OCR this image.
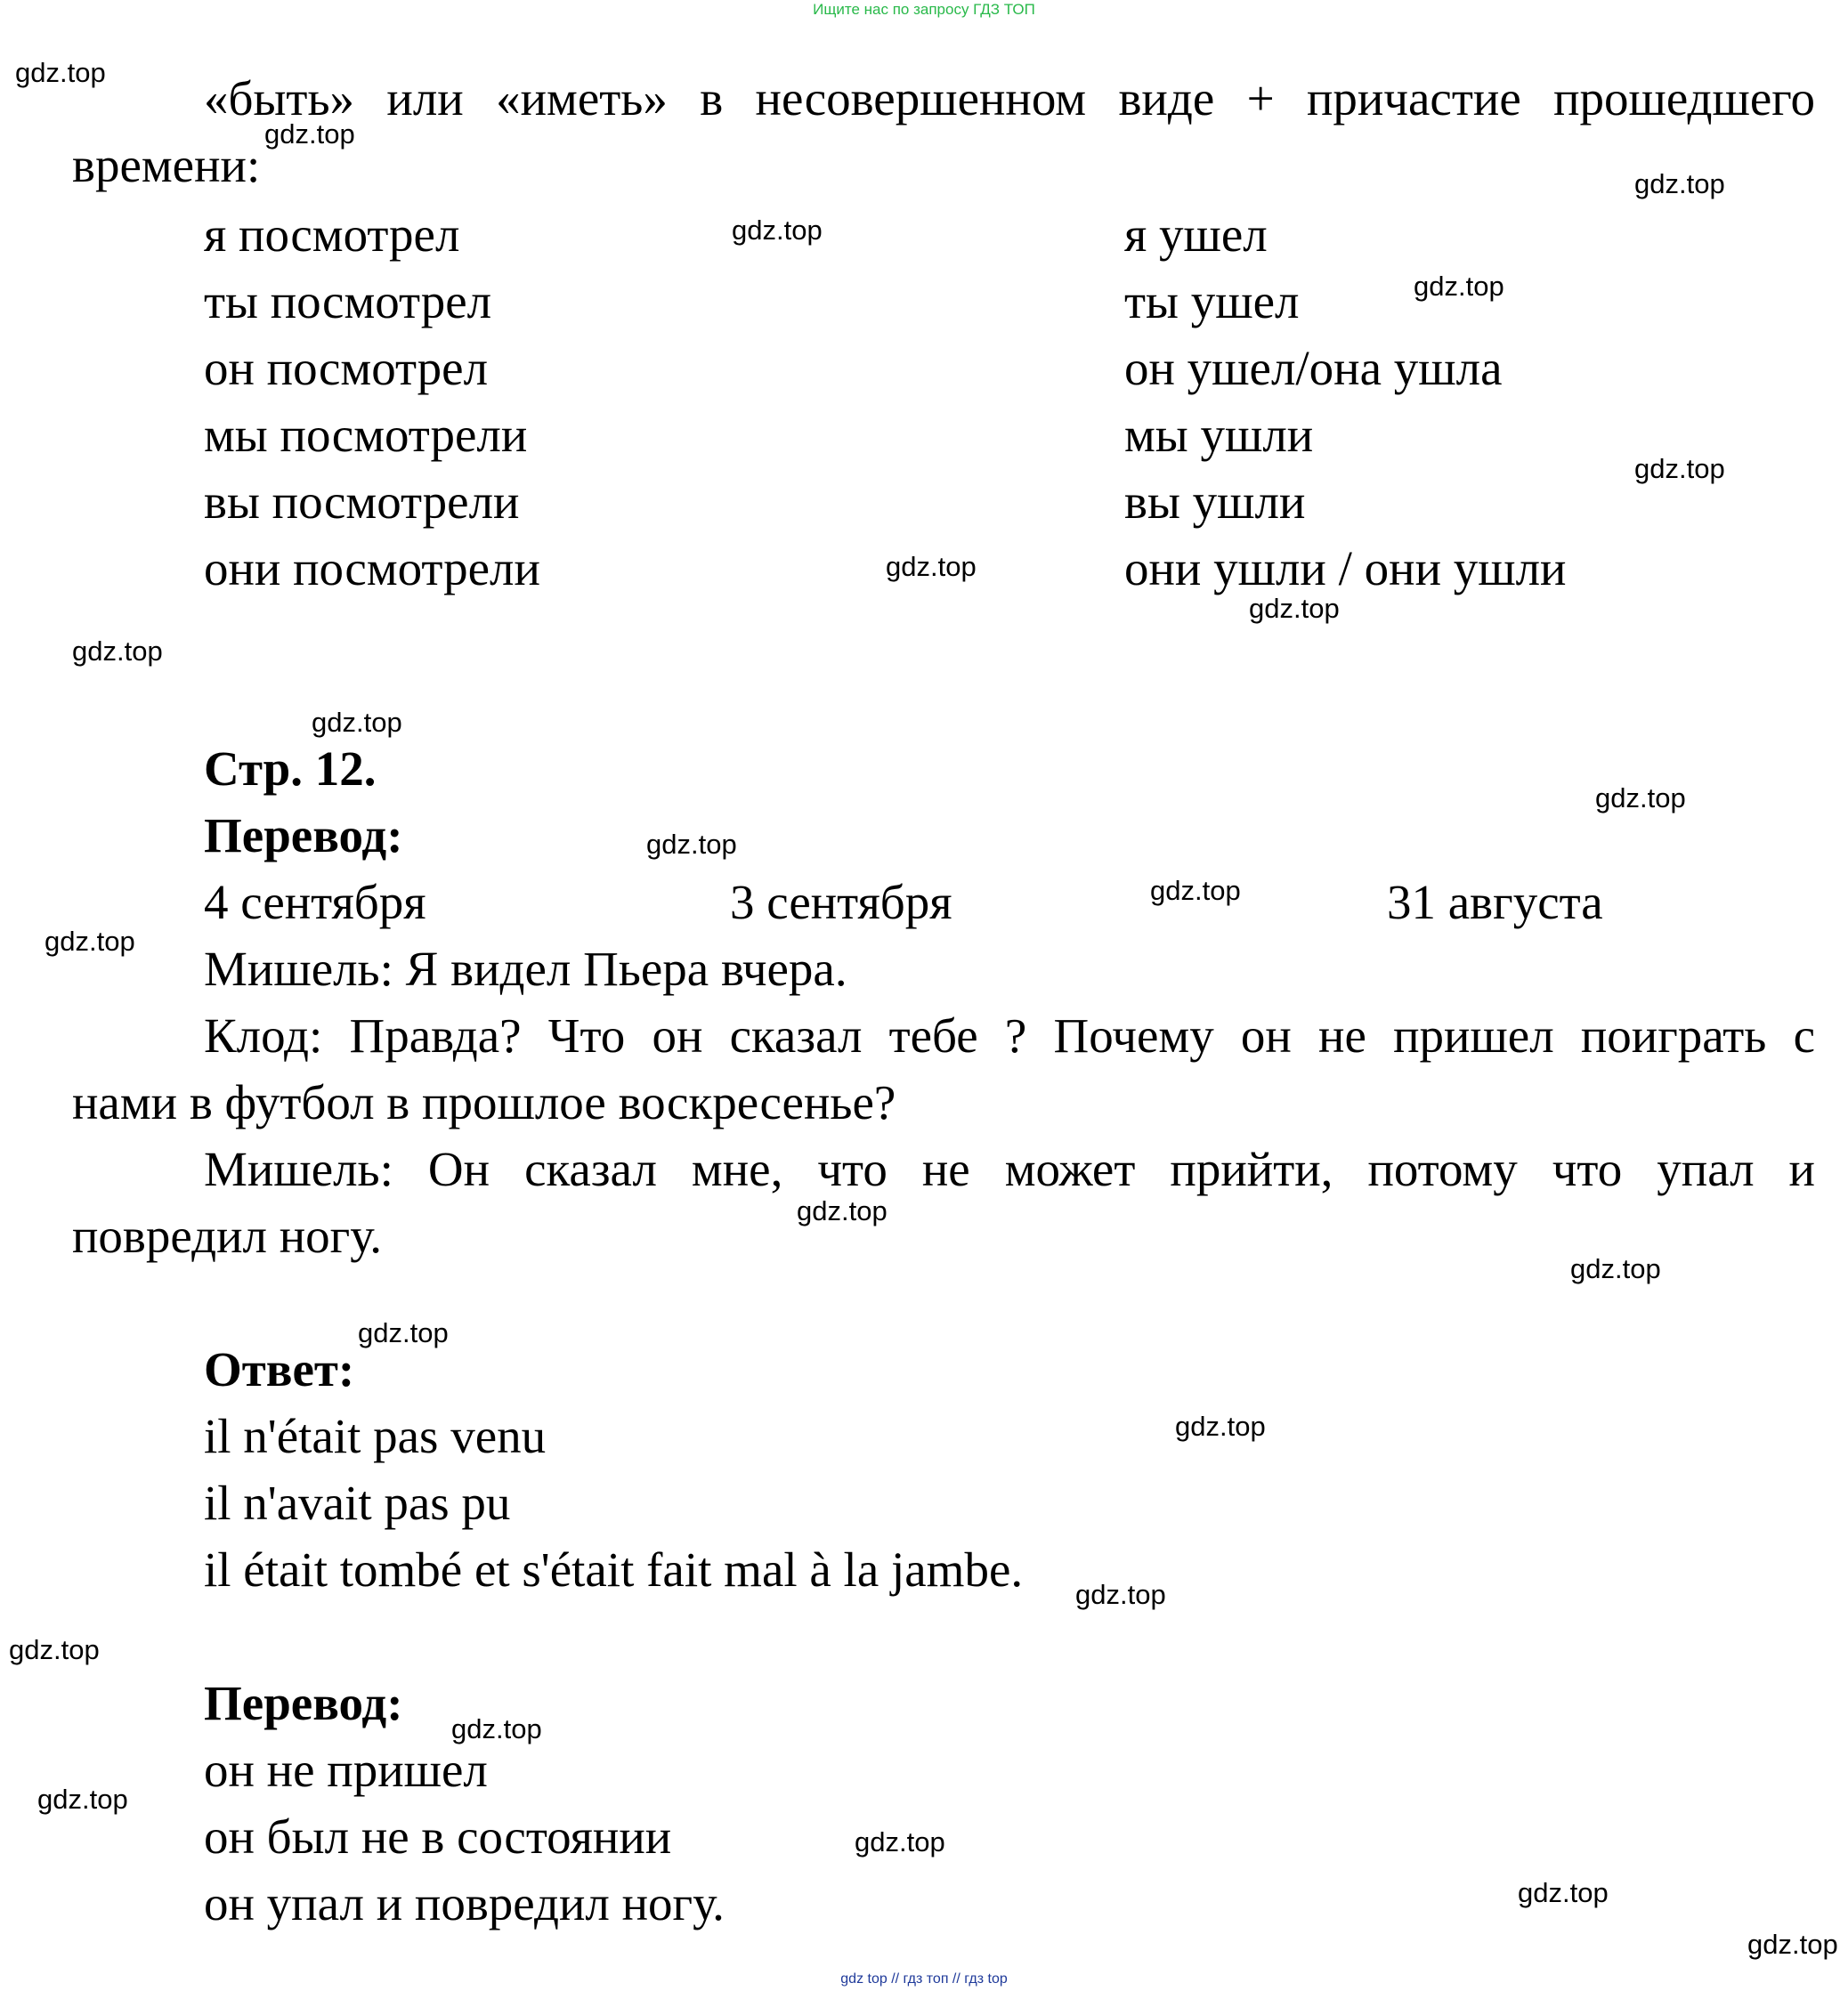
Ищите нас по запросу ГДЗ ТОП
«быть» или «иметь» в несовершенном виде + причастие прошедшего
времени:
я посмотрел
ты посмотрел
он посмотрел
мы посмотрели
вы посмотрели
они посмотрели
я ушел
ты ушел
он ушел/она ушла
мы ушли
вы ушли
они ушли / они ушли
Стр. 12.
Перевод:
4 сентября	3 сентября	31 августа
Мишель: Я видел Пьера вчера.
Клод: Правда? Что он сказал тебе ? Почему он не пришел поиграть с
нами в футбол в прошлое воскресенье?
Мишель: Он сказал мне, что не может прийти, потому что упал и
повредил ногу.
Ответ:
il n'était pas venu
il n'avait pas pu
il était tombé et s'était fait mal à la jambe.
Перевод:
он не пришел
он был не в состоянии
он упал и повредил ногу.
gdz.top
gdz.top
gdz.top
gdz.top
gdz.top
gdz.top
gdz.top
gdz.top
gdz.top
gdz.top
gdz.top
gdz.top
gdz.top
gdz.top
gdz.top
gdz.top
gdz.top
gdz.top
gdz.top
gdz.top
gdz.top
gdz.top
gdz.top
gdz.top
gdz.top
gdz top // гдз топ // гдз top
